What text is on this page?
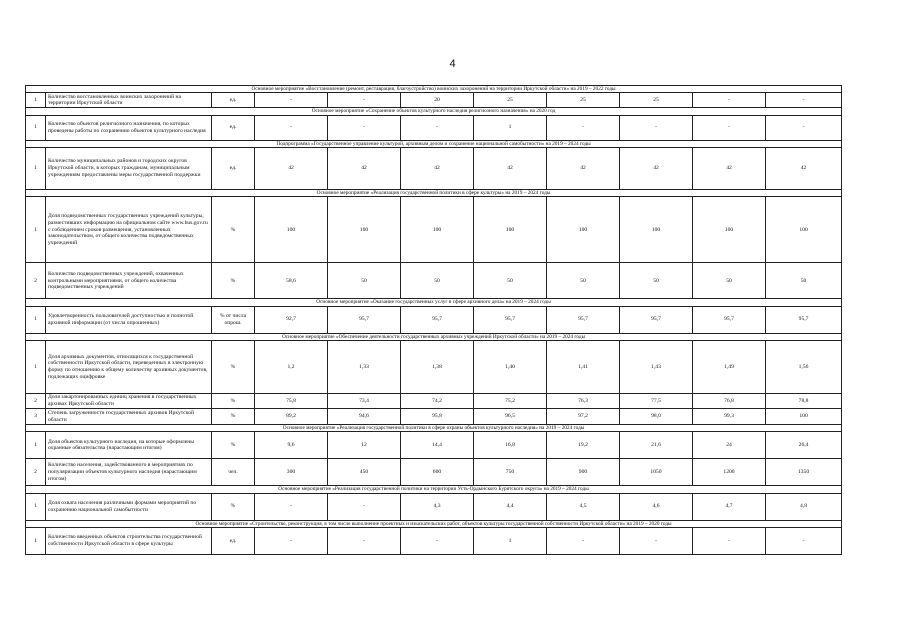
4
Основное мероприятие «Восстановление (ремонт, реставрация, благоустройство) воинских захоронений на территории Иркутской области» на 2019 – 2022 годы										

1	Количество восстановленных воинских захоронений на территории Иркутской области	ед.	-	-	20	25	25	25	-	-

Основное мероприятие «Сохранение объектов культурного наследия религиозного назначения» на 2020 год										

1	Количество объектов религиозного назначения, по которых проведены работы по сохранению объектов культурного наследия	ед.	-	-	-	1	-	-	-	-

Подпрограмма «Государственное управление культурой, архивным делом и сохранение национальной самобытности» на 2019 – 2024 годы										

1	Количество муниципальных районов и городских округов Иркутской области, в которых гражданам, муниципальным учреждениям предоставлены меры государственной поддержки	ед.	42	42	42	42	42	42	42	42

Основное мероприятие «Реализация государственной политики в сфере культуры» на 2019 – 2024 годы										

1	Доля подведомственных государственных учреждений культуры, разместивших информацию на официальном сайте www.bus.gov.ru с соблюдением сроков размещения, установленных законодательством, от общего количества подведомственных учреждений	%	100	100	100	100	100	100	100	100
2	Количество подведомственных учреждений, охваченных контрольными мероприятиями, от общего количества подведомственных учреждений	%	58,6	50	50	50	50	50	50	50

Основное мероприятие «Оказание государственных услуг в сфере архивного дела» на 2019 – 2024 годы										

1	Удовлетворенность пользователей доступностью и полнотой архивной информации (от числа опрошенных)	% от числа опрош.	92,7	95,7	95,7	95,7	95,7	95,7	95,7	95,7

Основное мероприятие «Обеспечение деятельности государственных архивных учреждений Иркутской области» на 2019 – 2024 годы										

1	Доля архивных документов, относящихся к государственной собственности Иркутской области, переведенных в электронную форму по отношению к общему количеству архивных документов, подлежащих оцифровке	%	1,2	1,33	1,38	1,40	1,41	1,43	1,49	1,56
2	Доля закартонированных единиц хранения в государственных архивах Иркутской области	%	75,8	73,4	74,2	75,2	76,3	77,5	76,8	78,8
3	Степень загруженности государственных архивов Иркутской области	%	89,2	94,6	95,8	96,5	97,2	98,0	99,3	100

Основное мероприятие «Реализация государственной политики в сфере охраны объектов культурного наследия» на 2019 – 2024 годы										

1	Доля объектов культурного наследия, на которые оформлены охранные обязательства (нарастающим итогом)	%	9,6	12	14,4	16,8	19,2	21,6	24	26,4
2	Количество населения, задействованного в мероприятиях по популяризации объектов культурного наследия (нарастающим итогом)	чел.	300	450	600	750	900	1050	1200	1350

Основное мероприятие «Реализация государственной политики на территории Усть-Ордынского Бурятского округа» на 2019 – 2024 годы										

1	Доля охвата населения различными формами мероприятий по сохранению национальной самобытности	%	-	-	4,3	4,4	4,5	4,6	4,7	4,8

Основное мероприятие «Строительство, реконструкция, в том числе выполнение проектных и изыскательских работ, объектов культуры государственной собственности Иркутской области» на 2019 – 2020 годы										

1	Количество введенных объектов строительства государственной собственности Иркутской области в сфере культуры	ед.	-	-	-	1	-	-	-	-
